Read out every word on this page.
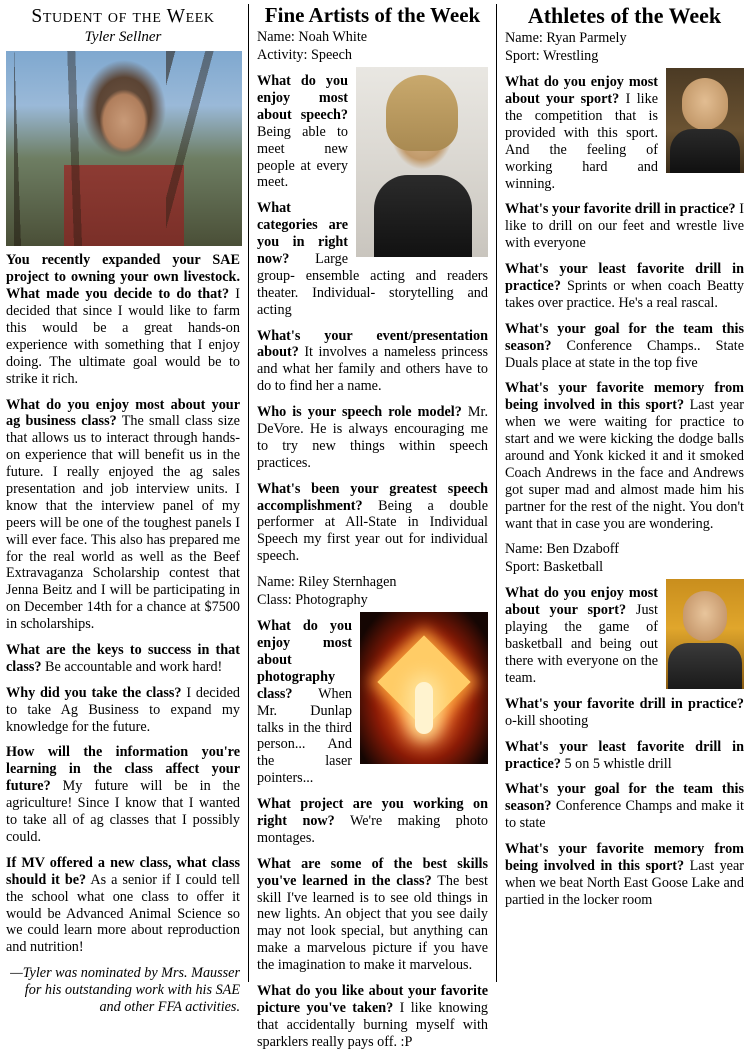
Student of the Week
Tyler Sellner

You recently expanded your SAE project to owning your own livestock. What made you decide to do that? I decided that since I would like to farm this would be a great hands-on experience with something that I enjoy doing. The ultimate goal would be to strike it rich.

What do you enjoy most about your ag business class? The small class size that allows us to interact through hands-on experience that will benefit us in the future. I really enjoyed the ag sales presentation and job interview units. I know that the interview panel of my peers will be one of the toughest panels I will ever face. This also has prepared me for the real world as well as the Beef Extravaganza Scholarship contest that Jenna Beitz and I will be participating in on December 14th for a chance at $7500 in scholarships.

What are the keys to success in that class? Be accountable and work hard!

Why did you take the class? I decided to take Ag Business to expand my knowledge for the future.

How will the information you're learning in the class affect your future? My future will be in the agriculture! Since I know that I wanted to take all of ag classes that I possibly could.

If MV offered a new class, what class should it be? As a senior if I could tell the school what one class to offer it would be Advanced Animal Science so we could learn more about reproduction and nutrition!

—Tyler was nominated by Mrs. Mausser for his outstanding work with his SAE and other FFA activities.
Fine Artists of the Week
Name: Noah White
Activity: Speech

What do you enjoy most about speech? Being able to meet new people at every meet.

What categories are you in right now? Large group- ensemble acting and readers theater. Individual- storytelling and acting

What's your event/presentation about? It involves a nameless princess and what her family and others have to do to find her a name.

Who is your speech role model? Mr. DeVore. He is always encouraging me to try new things within speech practices.

What's been your greatest speech accomplishment? Being a double performer at All-State in Individual Speech my first year out for individual speech.

Name: Riley Sternhagen
Class: Photography

What do you enjoy most about photography class? When Mr. Dunlap talks in the third person... And the laser pointers...

What project are you working on right now? We're making photo montages.

What are some of the best skills you've learned in the class? The best skill I've learned is to see old things in new lights. An object that you see daily may not look special, but anything can make a marvelous picture if you have the imagination to make it marvelous.

What do you like about your favorite picture you've taken? I like knowing that accidentally burning myself with sparklers really pays off. :P

Athletes of the Week
Name: Ryan Parmely
Sport: Wrestling

What do you enjoy most about your sport? I like the competition that is provided with this sport. And the feeling of working hard and winning.

What's your favorite drill in practice? I like to drill on our feet and wrestle live with everyone

What's your least favorite drill in practice? Sprints or when coach Beatty takes over practice. He's a real rascal.

What's your goal for the team this season? Conference Champs.. State Duals place at state in the top five

What's your favorite memory from being involved in this sport? Last year when we were waiting for practice to start and we were kicking the dodge balls around and Yonk kicked it and it smoked Coach Andrews in the face and Andrews got super mad and almost made him his partner for the rest of the night. You don't want that in case you are wondering.

Name: Ben Dzaboff
Sport: Basketball

What do you enjoy most about your sport? Just playing the game of basketball and being out there with everyone on the team.

What's your favorite drill in practice? o-kill shooting

What's your least favorite drill in practice? 5 on 5 whistle drill

What's your goal for the team this season? Conference Champs and make it to state

What's your favorite memory from being involved in this sport? Last year when we beat North East Goose Lake and partied in the locker room
